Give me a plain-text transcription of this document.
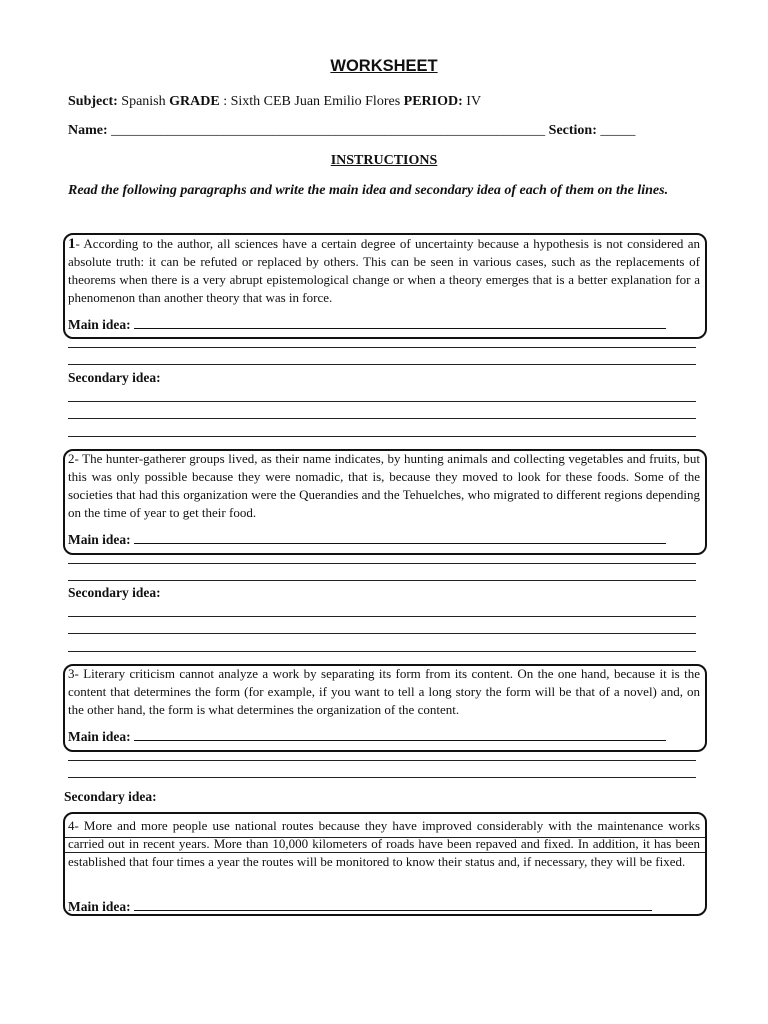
WORKSHEET
Subject: Spanish GRADE : Sixth CEB Juan Emilio Flores PERIOD: IV
Name: ______________________________________________________________ Section: _____
INSTRUCTIONS
Read the following paragraphs and write the main idea and secondary idea of each of them on the lines.
1- According to the author, all sciences have a certain degree of uncertainty because a hypothesis is not considered an absolute truth: it can be refuted or replaced by others. This can be seen in various cases, such as the replacements of theorems when there is a very abrupt epistemological change or when a theory emerges that is a better explanation for a phenomenon than another theory that was in force.
Main idea:
Secondary idea:
2- The hunter-gatherer groups lived, as their name indicates, by hunting animals and collecting vegetables and fruits, but this was only possible because they were nomadic, that is, because they moved to look for these foods. Some of the societies that had this organization were the Querandies and the Tehuelches, who migrated to different regions depending on the time of year to get their food.
Main idea:
Secondary idea:
3- Literary criticism cannot analyze a work by separating its form from its content. On the one hand, because it is the content that determines the form (for example, if you want to tell a long story the form will be that of a novel) and, on the other hand, the form is what determines the organization of the content.
Main idea:
Secondary idea:
4- More and more people use national routes because they have improved considerably with the maintenance works carried out in recent years. More than 10,000 kilometers of roads have been repaved and fixed. In addition, it has been established that four times a year the routes will be monitored to know their status and, if necessary, they will be fixed.
Main idea:
